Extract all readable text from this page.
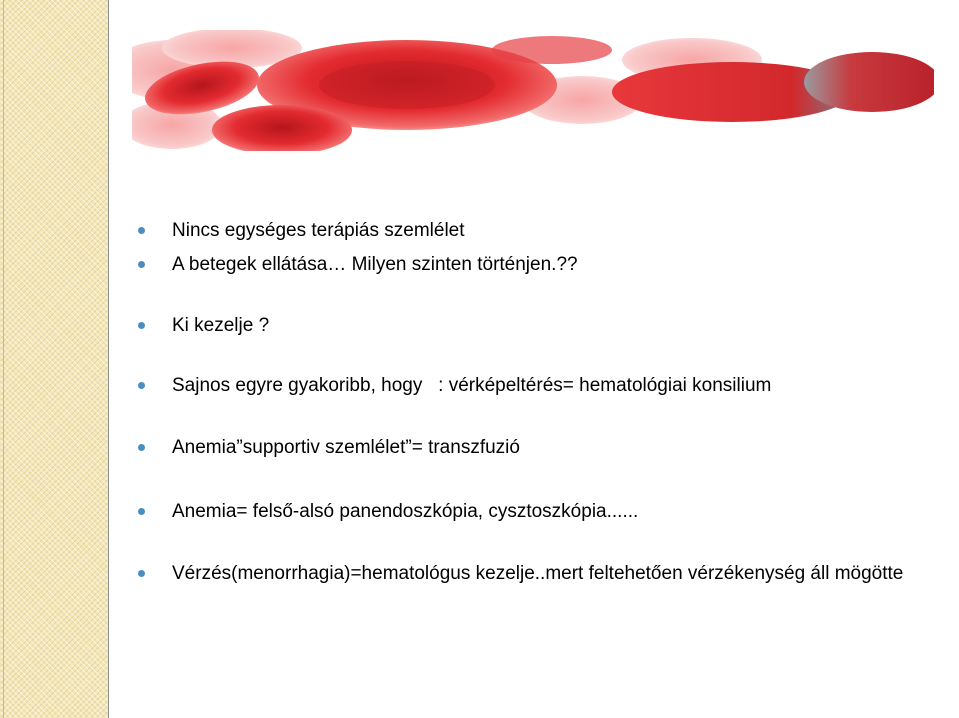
Nincs egységes terápiás szemlélet
A betegek ellátása… Milyen szinten történjen.??
Ki kezelje ?
Sajnos egyre gyakoribb, hogy   : vérképeltérés= hematológiai konsilium
Anemia”supportiv szemlélet”= transzfuzió
Anemia= felső-alsó panendoszkópia, cysztoszkópia......
Vérzés(menorrhagia)=hematológus kezelje..mert feltehetően vérzékenység áll mögötte
